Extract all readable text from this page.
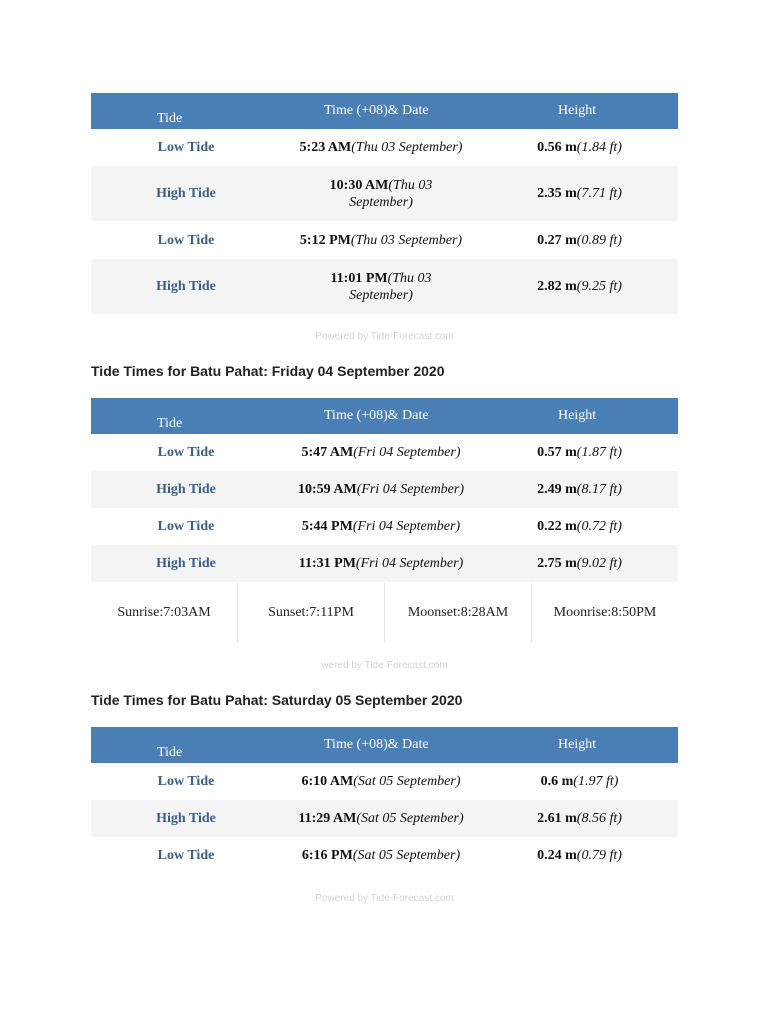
Tide	Time (+08)& Date	Height
Low Tide	5:23 AM(Thu 03 September)	0.56 m(1.84 ft)
High Tide	10:30 AM(Thu 03 September)	2.35 m(7.71 ft)
Low Tide	5:12 PM(Thu 03 September)	0.27 m(0.89 ft)
High Tide	11:01 PM(Thu 03 September)	2.82 m(9.25 ft)
Powered by Tide-Forecast.com
Tide Times for Batu Pahat: Friday 04 September 2020
Tide	Time (+08)& Date	Height
Low Tide	5:47 AM(Fri 04 September)	0.57 m(1.87 ft)
High Tide	10:59 AM(Fri 04 September)	2.49 m(8.17 ft)
Low Tide	5:44 PM(Fri 04 September)	0.22 m(0.72 ft)
High Tide	11:31 PM(Fri 04 September)	2.75 m(9.02 ft)
Sunrise:7:03AM	Sunset:7:11PM	Moonset:8:28AM	Moonrise:8:50PM
wered by Tide-Forecast.com
Tide Times for Batu Pahat: Saturday 05 September 2020
Tide	Time (+08)& Date	Height
Low Tide	6:10 AM(Sat 05 September)	0.6 m(1.97 ft)
High Tide	11:29 AM(Sat 05 September)	2.61 m(8.56 ft)
Low Tide	6:16 PM(Sat 05 September)	0.24 m(0.79 ft)
Powered by Tide-Forecast.com
